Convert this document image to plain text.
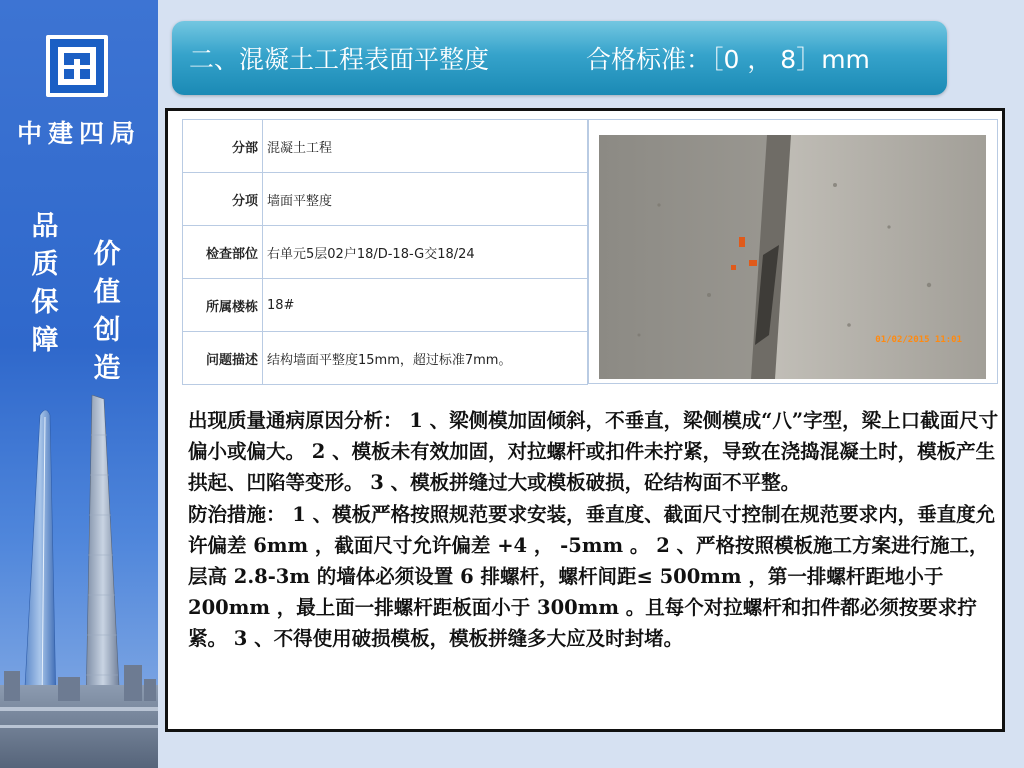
中建四局
品质保障
价值创造
二、混凝土工程表面平整度	合格标准：［0 ， 8］mm
分部	混凝土工程
分项	墙面平整度
检查部位	右单元5层02户18/D-18-G交18/24
所属楼栋	18#
问题描述	结构墙面平整度15mm，超过标准7mm。
01/02/2015 11:01

出现质量通病原因分析： 1 、梁侧模加固倾斜，不垂直，梁侧模成“八”字型，梁上口截面尺寸偏小或偏大。 2 、模板未有效加固，对拉螺杆或扣件未拧紧，导致在浇捣混凝土时，模板产生拱起、凹陷等变形。 3 、模板拼缝过大或模板破损，砼结构面不平整。

防治措施： 1 、模板严格按照规范要求安装，垂直度、截面尺寸控制在规范要求内，垂直度允许偏差 6mm ，截面尺寸允许偏差 +4 ， -5mm 。 2 、严格按照模板施工方案进行施工，层高 2.8-3m 的墙体必须设置 6 排螺杆，螺杆间距≤ 500mm ，第一排螺杆距地小于 200mm ，最上面一排螺杆距板面小于 300mm 。且每个对拉螺杆和扣件都必须按要求拧紧。 3 、不得使用破损模板，模板拼缝多大应及时封堵。
